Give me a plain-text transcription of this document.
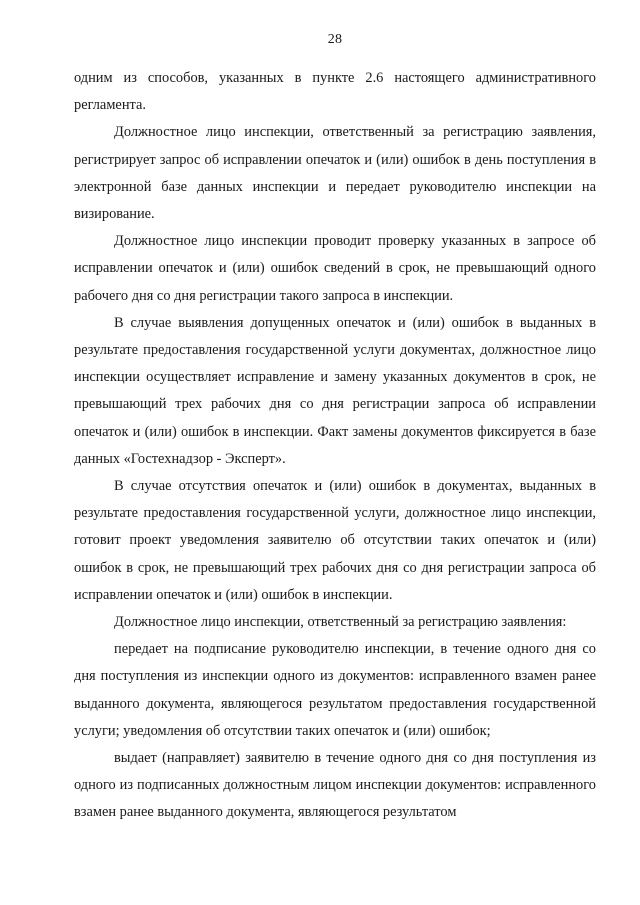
28

одним из способов, указанных в пункте 2.6 настоящего административного регламента.

Должностное лицо инспекции, ответственный за регистрацию заявления, регистрирует запрос об исправлении опечаток и (или) ошибок в день поступления в электронной базе данных инспекции и передает руководителю инспекции на визирование.

Должностное лицо инспекции проводит проверку указанных в запросе об исправлении опечаток и (или) ошибок сведений в срок, не превышающий одного рабочего дня со дня регистрации такого запроса в инспекции.

В случае выявления допущенных опечаток и (или) ошибок в выданных в результате предоставления государственной услуги документах, должностное лицо инспекции осуществляет исправление и замену указанных документов в срок, не превышающий трех рабочих дня со дня регистрации запроса об исправлении опечаток и (или) ошибок в инспекции. Факт замены документов фиксируется в базе данных «Гостехнадзор - Эксперт».

В случае отсутствия опечаток и (или) ошибок в документах, выданных в результате предоставления государственной услуги, должностное лицо инспекции, готовит проект уведомления заявителю об отсутствии таких опечаток и (или) ошибок в срок, не превышающий трех рабочих дня со дня регистрации запроса об исправлении опечаток и (или) ошибок в инспекции.

Должностное лицо инспекции, ответственный за регистрацию заявления:

передает на подписание руководителю инспекции, в течение одного дня со дня поступления из инспекции одного из документов: исправленного взамен ранее выданного документа, являющегося результатом предоставления государственной услуги; уведомления об отсутствии таких опечаток и (или) ошибок;

выдает (направляет) заявителю в течение одного дня со дня поступления из одного из подписанных должностным лицом инспекции документов: исправленного взамен ранее выданного документа, являющегося результатом
